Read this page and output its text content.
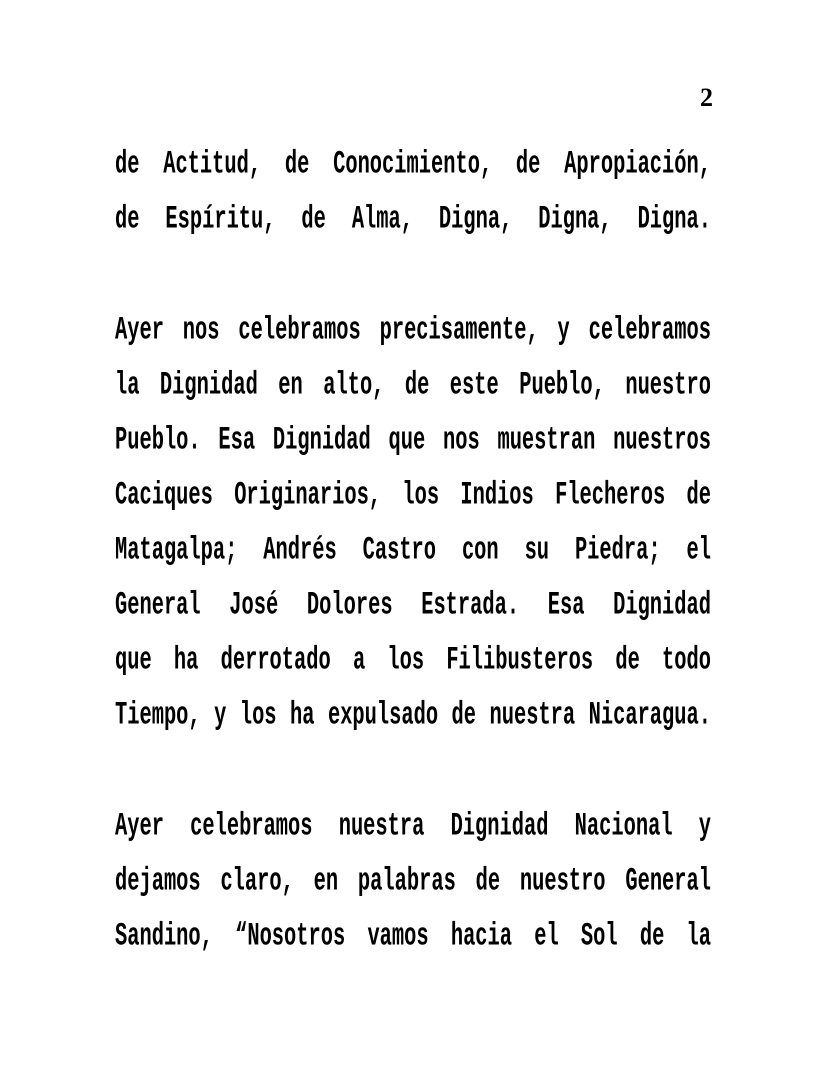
2
de Actitud, de Conocimiento, de Apropiación,
de Espíritu, de Alma, Digna, Digna, Digna.
Ayer nos celebramos precisamente, y celebramos
la Dignidad en alto, de este Pueblo, nuestro
Pueblo. Esa Dignidad que nos muestran nuestros
Caciques Originarios, los Indios Flecheros de
Matagalpa; Andrés Castro con su Piedra; el
General José Dolores Estrada. Esa Dignidad
que ha derrotado a los Filibusteros de todo
Tiempo, y los ha expulsado de nuestra Nicaragua.
Ayer celebramos nuestra Dignidad Nacional y
dejamos claro, en palabras de nuestro General
Sandino, “Nosotros vamos hacia el Sol de la
